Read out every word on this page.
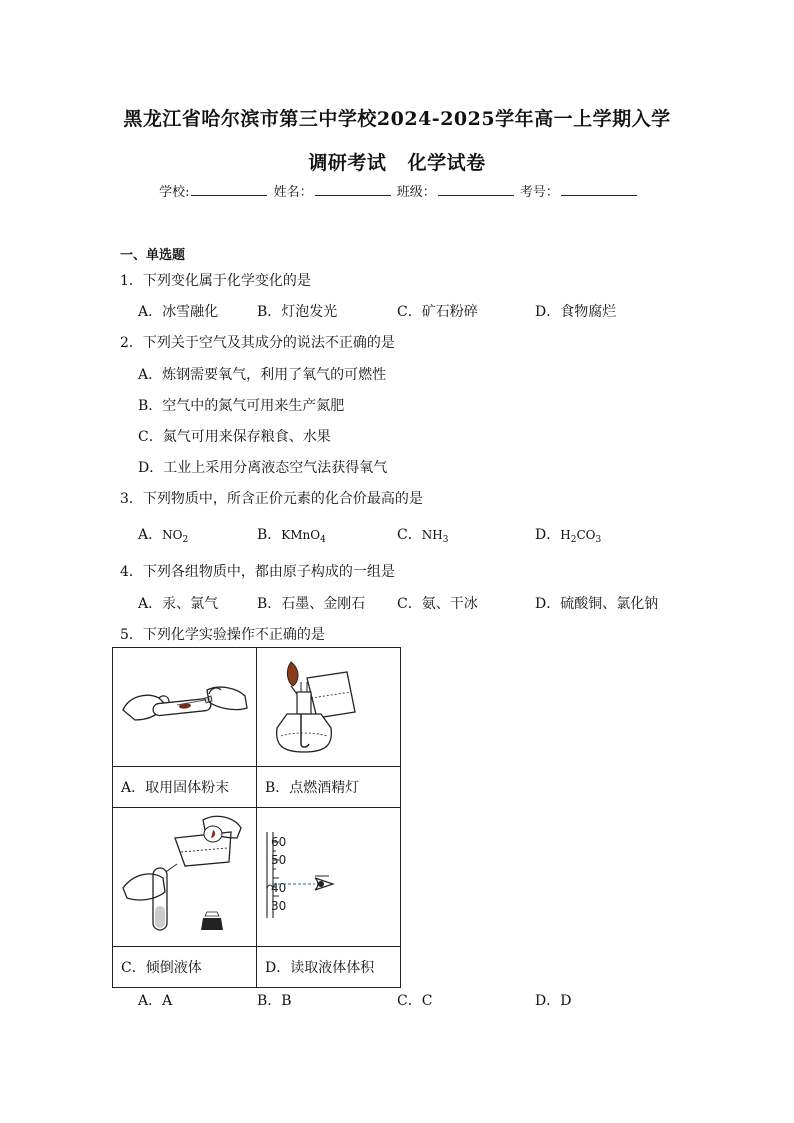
黑龙江省哈尔滨市第三中学校2024-2025学年高一上学期入学
调研考试   化学试卷
学校:	姓名：	班级：	考号：
一、单选题
1．下列变化属于化学变化的是
A．冰雪融化	B．灯泡发光	C．矿石粉碎	D．食物腐烂
2．下列关于空气及其成分的说法不正确的是
A．炼钢需要氧气，利用了氧气的可燃性
B．空气中的氮气可用来生产氮肥
C．氮气可用来保存粮食、水果
D．工业上采用分离液态空气法获得氧气
3．下列物质中，所含正价元素的化合价最高的是
A．$NO_2$	B．KMnO$_4$	C．$NH_3$	D．$H_2CO_3$
4．下列各组物质中，都由原子构成的一组是
A．汞、氯气	B．石墨、金刚石 C．氨、干冰	D．硫酸铜、氯化钠
5．下列化学实验操作不正确的是

A．取用固体粉末	B．点燃酒精灯

60
50
40
30

C．倾倒液体	D．读取液体体积
A．A	B．B	C．C	D．D
